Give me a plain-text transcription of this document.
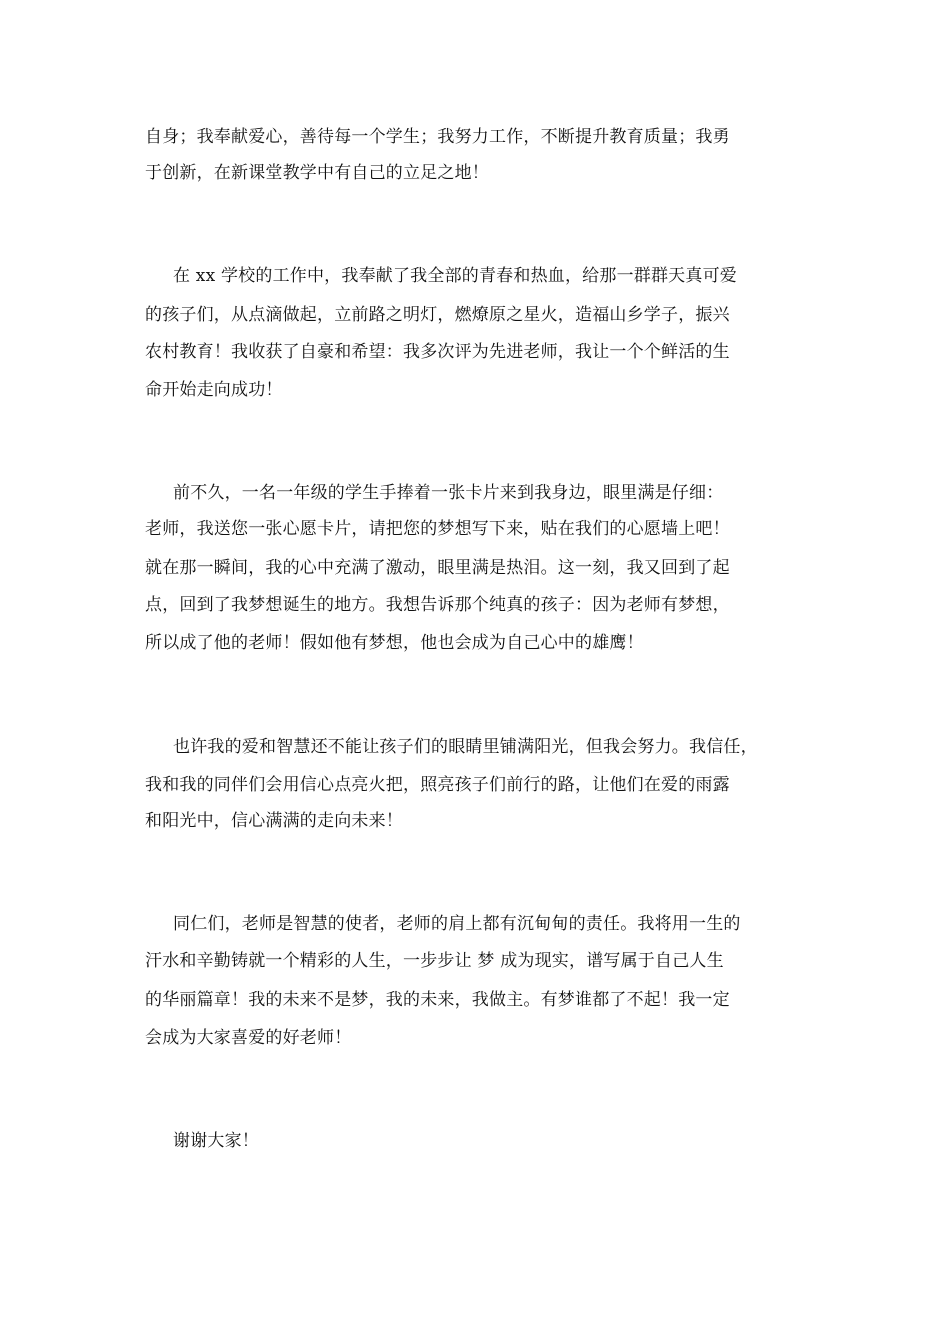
自身；我奉献爱心，善待每一个学生；我努力工作，不断提升教育质量；我勇
于创新，在新课堂教学中有自己的立足之地！
在 xx 学校的工作中，我奉献了我全部的青春和热血，给那一群群天真可爱
的孩子们，从点滴做起，立前路之明灯，燃燎原之星火，造福山乡学子，振兴
农村教育！我收获了自豪和希望：我多次评为先进老师，我让一个个鲜活的生
命开始走向成功！
前不久，一名一年级的学生手捧着一张卡片来到我身边，眼里满是仔细：
老师，我送您一张心愿卡片，请把您的梦想写下来，贴在我们的心愿墙上吧！
就在那一瞬间，我的心中充满了激动，眼里满是热泪。这一刻，我又回到了起
点，回到了我梦想诞生的地方。我想告诉那个纯真的孩子：因为老师有梦想，
所以成了他的老师！假如他有梦想，他也会成为自己心中的雄鹰！
也许我的爱和智慧还不能让孩子们的眼睛里铺满阳光，但我会努力。我信任，
我和我的同伴们会用信心点亮火把，照亮孩子们前行的路，让他们在爱的雨露
和阳光中，信心满满的走向未来！
同仁们，老师是智慧的使者，老师的肩上都有沉甸甸的责任。我将用一生的
汗水和辛勤铸就一个精彩的人生，一步步让 梦 成为现实，谱写属于自己人生
的华丽篇章！我的未来不是梦，我的未来，我做主。有梦谁都了不起！我一定
会成为大家喜爱的好老师！
谢谢大家！
